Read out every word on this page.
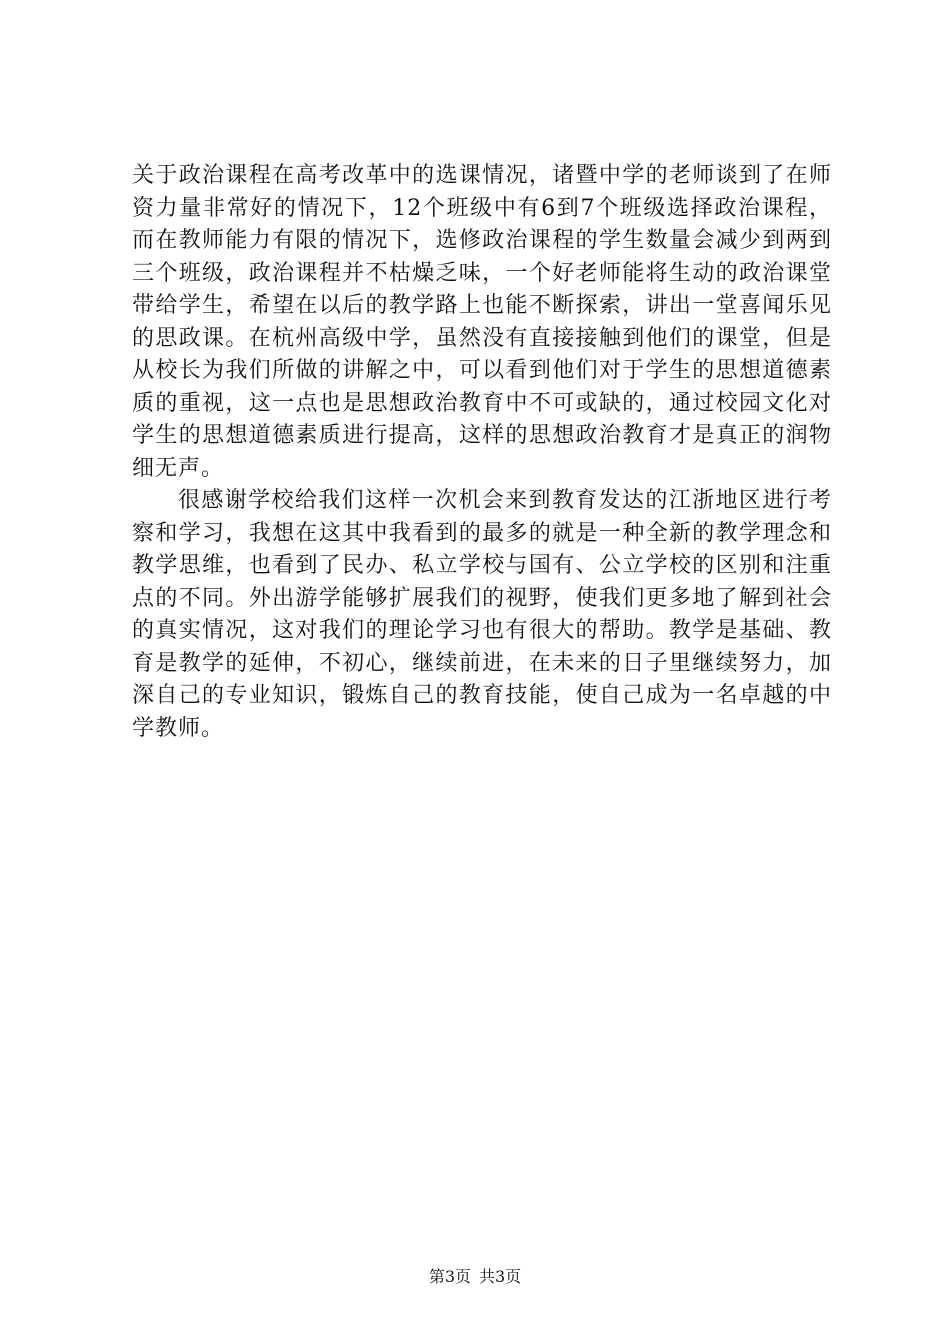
关于政治课程在高考改革中的选课情况，诸暨中学的老师谈到了在师资力量非常好的情况下，12个班级中有6到7个班级选择政治课程，而在教师能力有限的情况下，选修政治课程的学生数量会减少到两到三个班级，政治课程并不枯燥乏味，一个好老师能将生动的政治课堂带给学生，希望在以后的教学路上也能不断探索，讲出一堂喜闻乐见的思政课。在杭州高级中学，虽然没有直接接触到他们的课堂，但是从校长为我们所做的讲解之中，可以看到他们对于学生的思想道德素质的重视，这一点也是思想政治教育中不可或缺的，通过校园文化对学生的思想道德素质进行提高，这样的思想政治教育才是真正的润物细无声。

很感谢学校给我们这样一次机会来到教育发达的江浙地区进行考察和学习，我想在这其中我看到的最多的就是一种全新的教学理念和教学思维，也看到了民办、私立学校与国有、公立学校的区别和注重点的不同。外出游学能够扩展我们的视野，使我们更多地了解到社会的真实情况，这对我们的理论学习也有很大的帮助。教学是基础、教育是教学的延伸，不初心，继续前进，在未来的日子里继续努力，加深自己的专业知识，锻炼自己的教育技能，使自己成为一名卓越的中学教师。

第3页 共3页
